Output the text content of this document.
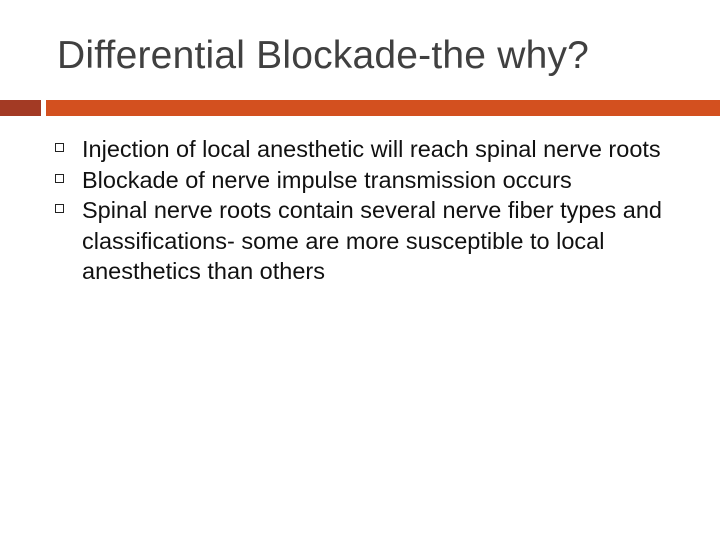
Differential Blockade-the why?
Injection of local anesthetic will reach spinal nerve roots
Blockade of nerve impulse transmission occurs
Spinal nerve roots contain several nerve fiber types and classifications- some are more susceptible to local anesthetics than others
